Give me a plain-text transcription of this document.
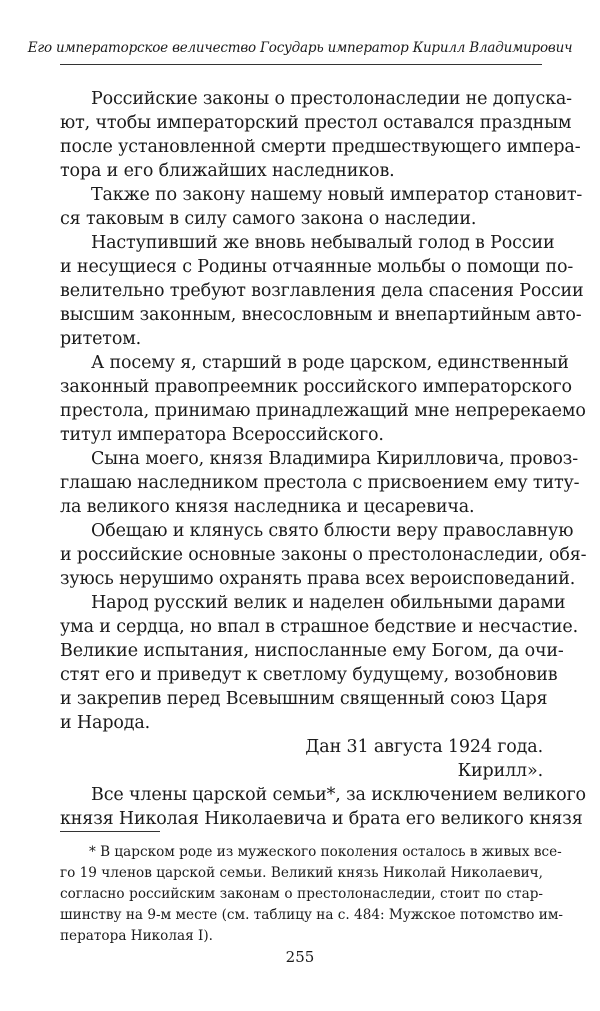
Его императорское величество Государь император Кирилл Владимирович
Российские законы о престолонаследии не допуска-
ют, чтобы императорский престол оставался праздным
после установленной смерти предшествующего импера-
тора и его ближайших наследников.
Также по закону нашему новый император становит-
ся таковым в силу самого закона о наследии.
Наступивший же вновь небывалый голод в России
и несущиеся с Родины отчаянные мольбы о помощи по-
велительно требуют возглавления дела спасения России
высшим законным, внесословным и внепартийным авто-
ритетом.
А посему я, старший в роде царском, единственный
законный правопреемник российского императорского
престола, принимаю принадлежащий мне непререкаемо
титул императора Всероссийского.
Сына моего, князя Владимира Кирилловича, провоз-
глашаю наследником престола с присвоением ему титу-
ла великого князя наследника и цесаревича.
Обещаю и клянусь свято блюсти веру православную
и российские основные законы о престолонаследии, обя-
зуюсь нерушимо охранять права всех вероисповеданий.
Народ русский велик и наделен обильными дарами
ума и сердца, но впал в страшное бедствие и несчастие.
Великие испытания, ниспосланные ему Богом, да очи-
стят его и приведут к светлому будущему, возобновив
и закрепив перед Всевышним священный союз Царя
и Народа.
Дан 31 августа 1924 года.
Кирилл».
Все члены царской семьи*, за исключением великого
князя Николая Николаевича и брата его великого князя
* В царском роде из мужеского поколения осталось в живых все-
го 19 членов царской семьи. Великий князь Николай Николаевич,
согласно российским законам о престолонаследии, стоит по стар-
шинству на 9-м месте (см. таблицу на с. 484: Мужское потомство им-
ператора Николая I).
255
